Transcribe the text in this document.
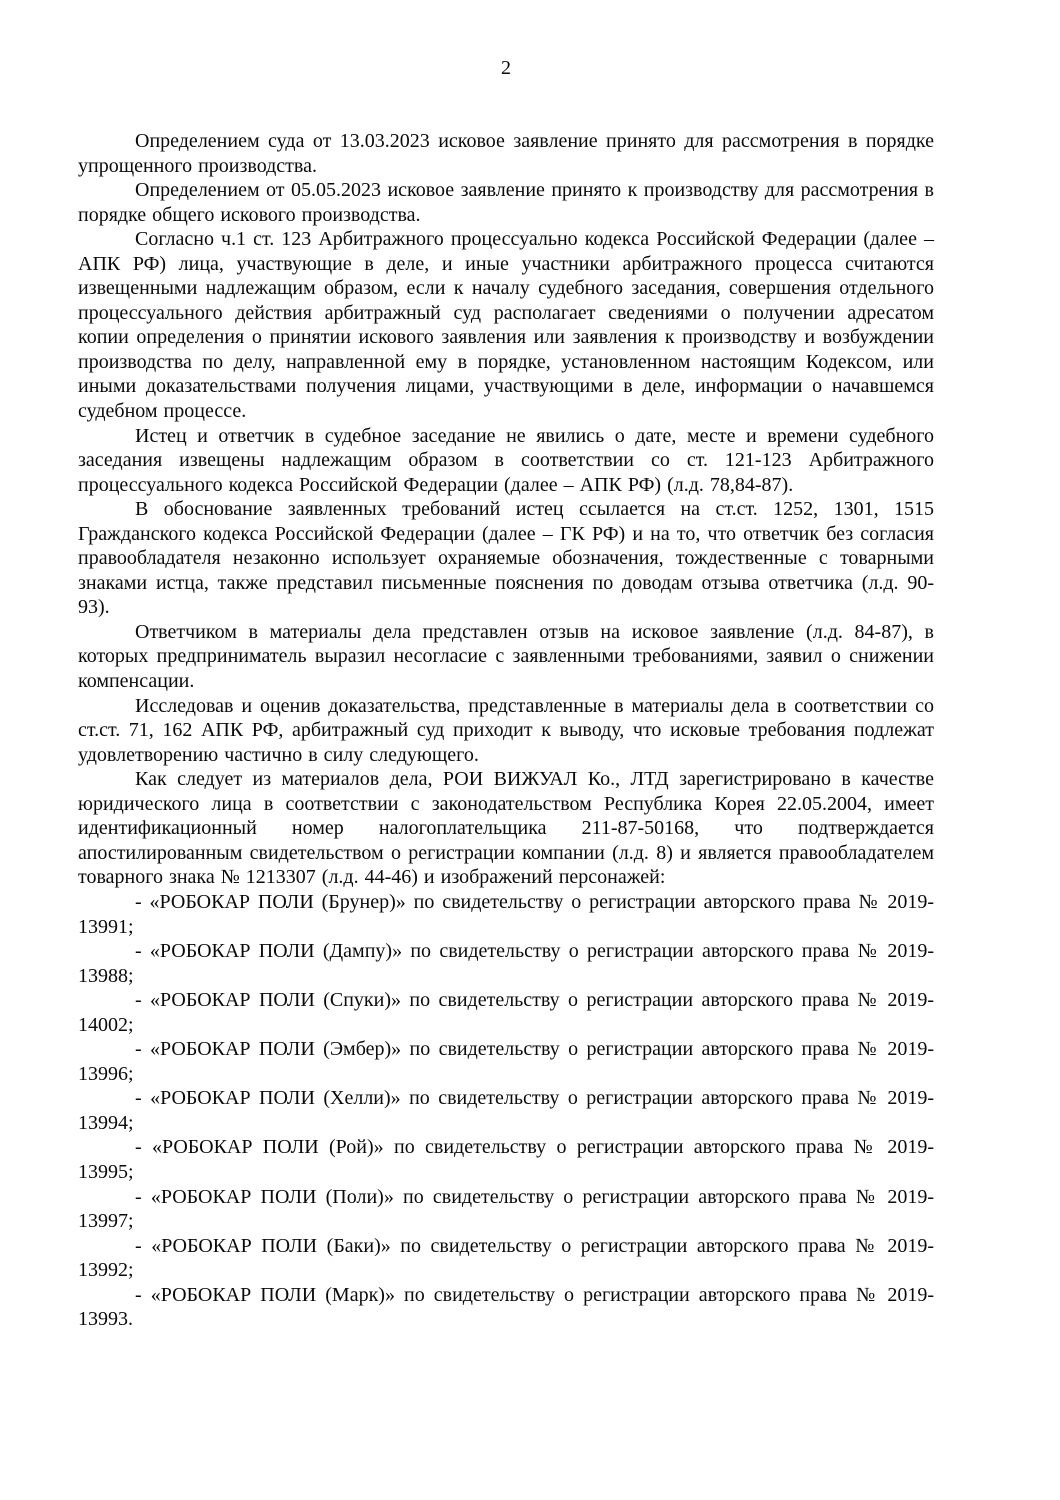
2

Определением суда от 13.03.2023 исковое заявление принято для рассмотрения в порядке упрощенного производства.

Определением от 05.05.2023 исковое заявление принято к производству для рассмотрения в порядке общего искового производства.

Согласно ч.1 ст. 123 Арбитражного процессуально кодекса Российской Федерации (далее – АПК РФ) лица, участвующие в деле, и иные участники арбитражного процесса считаются извещенными надлежащим образом, если к началу судебного заседания, совершения отдельного процессуального действия арбитражный суд располагает сведениями о получении адресатом копии определения о принятии искового заявления или заявления к производству и возбуждении производства по делу, направленной ему в порядке, установленном настоящим Кодексом, или иными доказательствами получения лицами, участвующими в деле, информации о начавшемся судебном процессе.

Истец и ответчик в судебное заседание не явились о дате, месте и времени судебного заседания извещены надлежащим образом в соответствии со ст. 121-123 Арбитражного процессуального кодекса Российской Федерации (далее – АПК РФ) (л.д. 78,84-87).

В обоснование заявленных требований истец ссылается на ст.ст. 1252, 1301, 1515 Гражданского кодекса Российской Федерации (далее – ГК РФ) и на то, что ответчик без согласия правообладателя незаконно использует охраняемые обозначения, тождественные с товарными знаками истца, также представил письменные пояснения по доводам отзыва ответчика (л.д. 90-93).

Ответчиком в материалы дела представлен отзыв на исковое заявление (л.д. 84-87), в которых предприниматель выразил несогласие с заявленными требованиями, заявил о снижении компенсации.

Исследовав и оценив доказательства, представленные в материалы дела в соответствии со ст.ст. 71, 162 АПК РФ, арбитражный суд приходит к выводу, что исковые требования подлежат удовлетворению частично в силу следующего.

Как следует из материалов дела, РОИ ВИЖУАЛ Ко., ЛТД зарегистрировано в качестве юридического лица в соответствии с законодательством Республика Корея 22.05.2004, имеет идентификационный номер налогоплательщика 211-87-50168, что подтверждается апостилированным свидетельством о регистрации компании (л.д. 8) и является правообладателем товарного знака № 1213307 (л.д. 44-46) и изображений персонажей:

- «РОБОКАР ПОЛИ (Брунер)» по свидетельству о регистрации авторского права № 2019-13991;

- «РОБОКАР ПОЛИ (Дампу)» по свидетельству о регистрации авторского права № 2019-13988;

- «РОБОКАР ПОЛИ (Спуки)» по свидетельству о регистрации авторского права № 2019-14002;

- «РОБОКАР ПОЛИ (Эмбер)» по свидетельству о регистрации авторского права № 2019-13996;

- «РОБОКАР ПОЛИ (Хелли)» по свидетельству о регистрации авторского права № 2019-13994;

- «РОБОКАР ПОЛИ (Рой)» по свидетельству о регистрации авторского права № 2019-13995;

- «РОБОКАР ПОЛИ (Поли)» по свидетельству о регистрации авторского права № 2019-13997;

- «РОБОКАР ПОЛИ (Баки)» по свидетельству о регистрации авторского права № 2019-13992;

- «РОБОКАР ПОЛИ (Марк)» по свидетельству о регистрации авторского права № 2019-13993.
